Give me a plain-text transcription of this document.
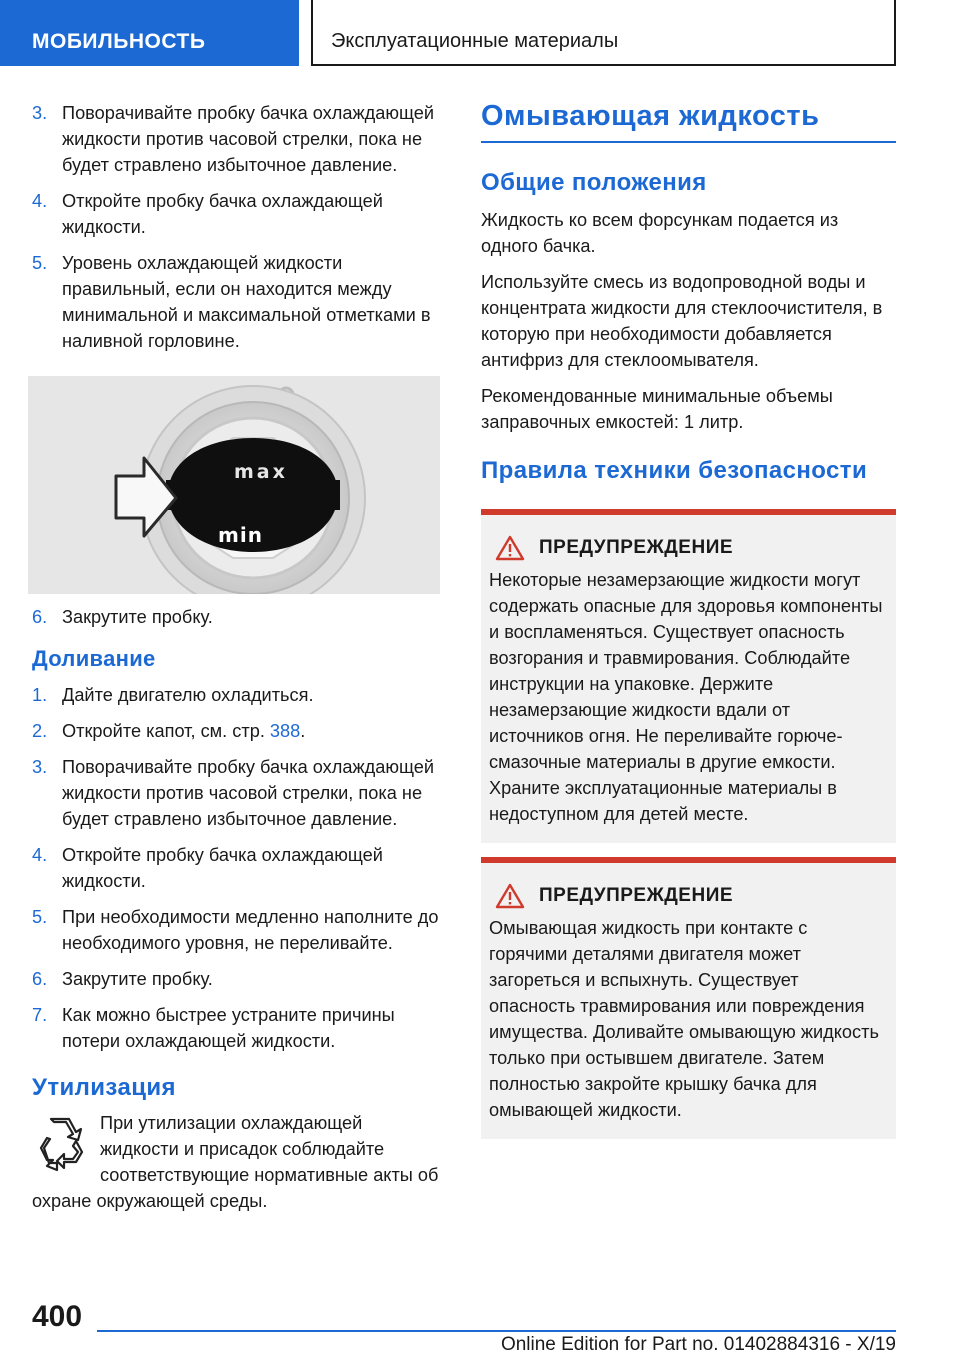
МОБИЛЬНОСТЬ	Эксплуатационные материалы
3. Поворачивайте пробку бачка охлаждающей жидкости против часовой стрелки, пока не будет стравлено избыточное давление.
4. Откройте пробку бачка охлаждающей жидкости.
5. Уровень охлаждающей жидкости правильный, если он находится между минимальной и максимальной отметками в наливной горловине.
max
min
6. Закрутите пробку.
Доливание
1. Дайте двигателю охладиться.
2. Откройте капот, см. стр. 388.
3. Поворачивайте пробку бачка охлаждающей жидкости против часовой стрелки, пока не будет стравлено избыточное давление.
4. Откройте пробку бачка охлаждающей жидкости.
5. При необходимости медленно наполните до необходимого уровня, не переливайте.
6. Закрутите пробку.
7. Как можно быстрее устраните причины потери охлаждающей жидкости.
Утилизация
При утилизации охлаждающей жидкости и присадок соблюдайте соответствующие нормативные акты об охране окружающей среды.
Омывающая жидкость
Общие положения

Жидкость ко всем форсункам подается из одного бачка.

Используйте смесь из водопроводной воды и концентрата жидкости для стеклоочистителя, в которую при необходимости добавляется антифриз для стеклоомывателя.

Рекомендованные минимальные объемы заправочных емкостей: 1 литр.

Правила техники безопасности
ПРЕДУПРЕЖДЕНИЕ
Некоторые незамерзающие жидкости могут содержать опасные для здоровья компоненты и воспламеняться. Существует опасность возгорания и травмирования. Соблюдайте инструкции на упаковке. Держите незамерзающие жидкости вдали от источников огня. Не переливайте горюче-смазочные материалы в другие емкости. Храните эксплуатационные материалы в недоступном для детей месте.
ПРЕДУПРЕЖДЕНИЕ
Омывающая жидкость при контакте с горячими деталями двигателя может загореться и вспыхнуть. Существует опасность травмирования или повреждения имущества. Доливайте омывающую жидкость только при остывшем двигателе. Затем полностью закройте крышку бачка для омывающей жидкости.
400
Online Edition for Part no. 01402884316 - X/19
